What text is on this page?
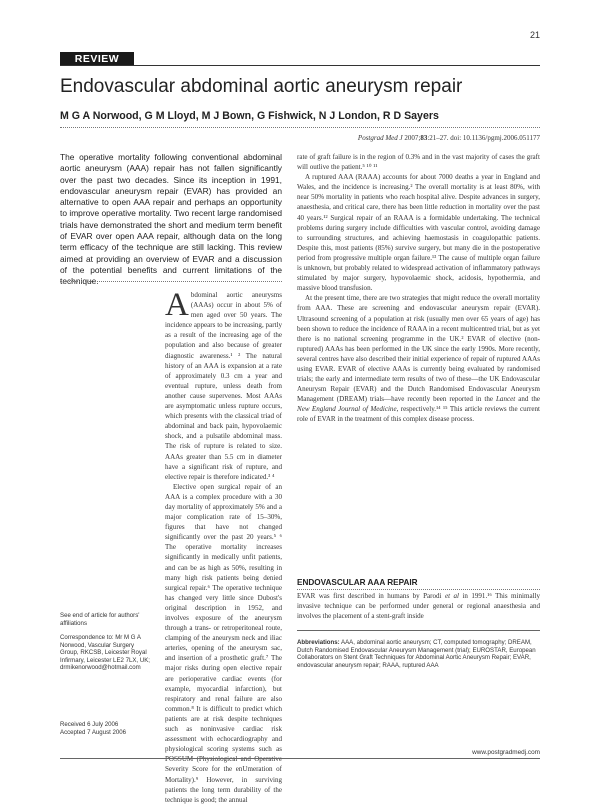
21
REVIEW
Endovascular abdominal aortic aneurysm repair
M G A Norwood, G M Lloyd, M J Bown, G Fishwick, N J London, R D Sayers
Postgrad Med J 2007;83:21–27. doi: 10.1136/pgmj.2006.051177
The operative mortality following conventional abdominal aortic aneurysm (AAA) repair has not fallen significantly over the past two decades. Since its inception in 1991, endovascular aneurysm repair (EVAR) has provided an alternative to open AAA repair and perhaps an opportunity to improve operative mortality. Two recent large randomised trials have demonstrated the short and medium term benefit of EVAR over open AAA repair, although data on the long term efficacy of the technique are still lacking. This review aimed at providing an overview of EVAR and a discussion of the potential benefits and current limitations of the technique.

Abdominal aortic aneurysms (AAAs) occur in about 5% of men aged over 50 years. The incidence appears to be increasing, partly as a result of the increasing age of the population and also because of greater diagnostic awareness.¹ ² The natural history of an AAA is expansion at a rate of approximately 0.3 cm a year and eventual rupture, unless death from another cause supervenes. Most AAAs are asymptomatic unless rupture occurs, which presents with the classical triad of abdominal and back pain, hypovolaemic shock, and a pulsatile abdominal mass. The risk of rupture is related to size. AAAs greater than 5.5 cm in diameter have a significant risk of rupture, and elective repair is therefore indicated.³ ⁴

Elective open surgical repair of an AAA is a complex procedure with a 30 day mortality of approximately 5% and a major complication rate of 15–30%, figures that have not changed significantly over the past 20 years.⁵ ⁶ The operative mortality increases significantly in medically unfit patients, and can be as high as 50%, resulting in many high risk patients being denied surgical repair.⁶ The operative technique has changed very little since Dubost's original description in 1952, and involves exposure of the aneurysm through a trans- or retroperitoneal route, clamping of the aneurysm neck and iliac arteries, opening of the aneurysm sac, and insertion of a prosthetic graft.⁷ The major risks during open elective repair are perioperative cardiac events (for example, myocardial infarction), but respiratory and renal failure are also common.⁸ It is difficult to predict which patients are at risk despite techniques such as noninvasive cardiac risk assessment with echocardiography and physiological scoring systems such as POSSUM (Physiological and Operative Severity Score for the enUmeration of Mortality).⁹ However, in surviving patients the long term durability of the technique is good; the annual

rate of graft failure is in the region of 0.3% and in the vast majority of cases the graft will outlive the patient.⁵ ¹⁰ ¹¹

A ruptured AAA (RAAA) accounts for about 7000 deaths a year in England and Wales, and the incidence is increasing.² The overall mortality is at least 80%, with near 50% mortality in patients who reach hospital alive. Despite advances in surgery, anaesthesia, and critical care, there has been little reduction in mortality over the past 40 years.¹² Surgical repair of an RAAA is a formidable undertaking. The technical problems during surgery include difficulties with vascular control, avoiding damage to surrounding structures, and achieving haemostasis in coagulopathic patients. Despite this, most patients (85%) survive surgery, but many die in the postoperative period from progressive multiple organ failure.¹³ The cause of multiple organ failure is unknown, but probably related to widespread activation of inflammatory pathways stimulated by major surgery, hypovolaemic shock, acidosis, hypothermia, and massive blood transfusion.

At the present time, there are two strategies that might reduce the overall mortality from AAA. These are screening and endovascular aneurysm repair (EVAR). Ultrasound screening of a population at risk (usually men over 65 years of age) has been shown to reduce the incidence of RAAA in a recent multicentred trial, but as yet there is no national screening programme in the UK.² EVAR of elective (non-ruptured) AAAs has been performed in the UK since the early 1990s. More recently, several centres have also described their initial experience of repair of ruptured AAAs using EVAR. EVAR of elective AAAs is currently being evaluated by randomised trials; the early and intermediate term results of two of these—the UK Endovascular Aneurysm Repair (EVAR) and the Dutch Randomised Endovascular Aneurysm Management (DREAM) trials—have recently been reported in the Lancet and the New England Journal of Medicine, respectively.¹⁴ ¹⁵ This article reviews the current role of EVAR in the treatment of this complex disease process.

ENDOVASCULAR AAA REPAIR
EVAR was first described in humans by Parodi et al in 1991.¹⁶ This minimally invasive technique can be performed under general or regional anaesthesia and involves the placement of a stent-graft inside
See end of article for authors' affiliations
Correspondence to: Mr M G A Norwood, Vascular Surgery Group, RKCSB, Leicester Royal Infirmary, Leicester LE2 7LX, UK; drmikenorwood@hotmail.com
Received 6 July 2006
Accepted 7 August 2006
Abbreviations: AAA, abdominal aortic aneurysm; CT, computed tomography; DREAM, Dutch Randomised Endovascular Aneurysm Management (trial); EUROSTAR, European Collaborators on Stent Graft Techniques for Abdominal Aortic Aneurysm Repair; EVAR, endovascular aneurysm repair; RAAA, ruptured AAA
www.postgradmedj.com
